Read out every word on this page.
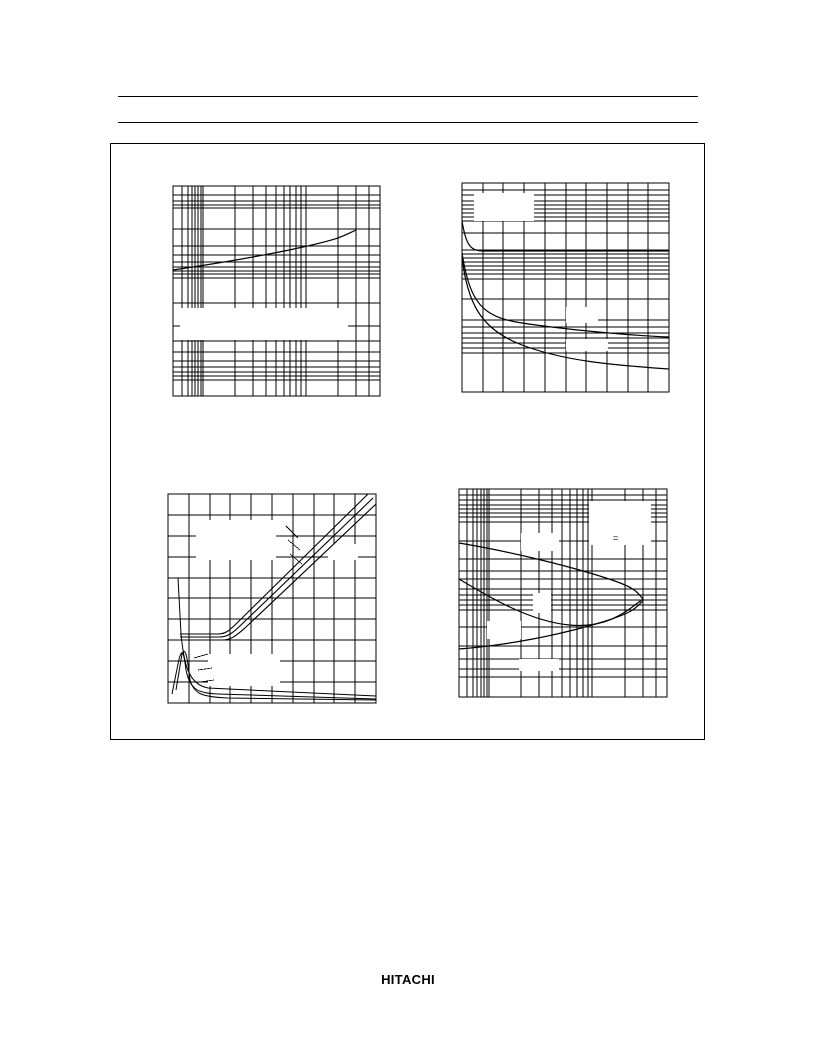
=
HITACHI
